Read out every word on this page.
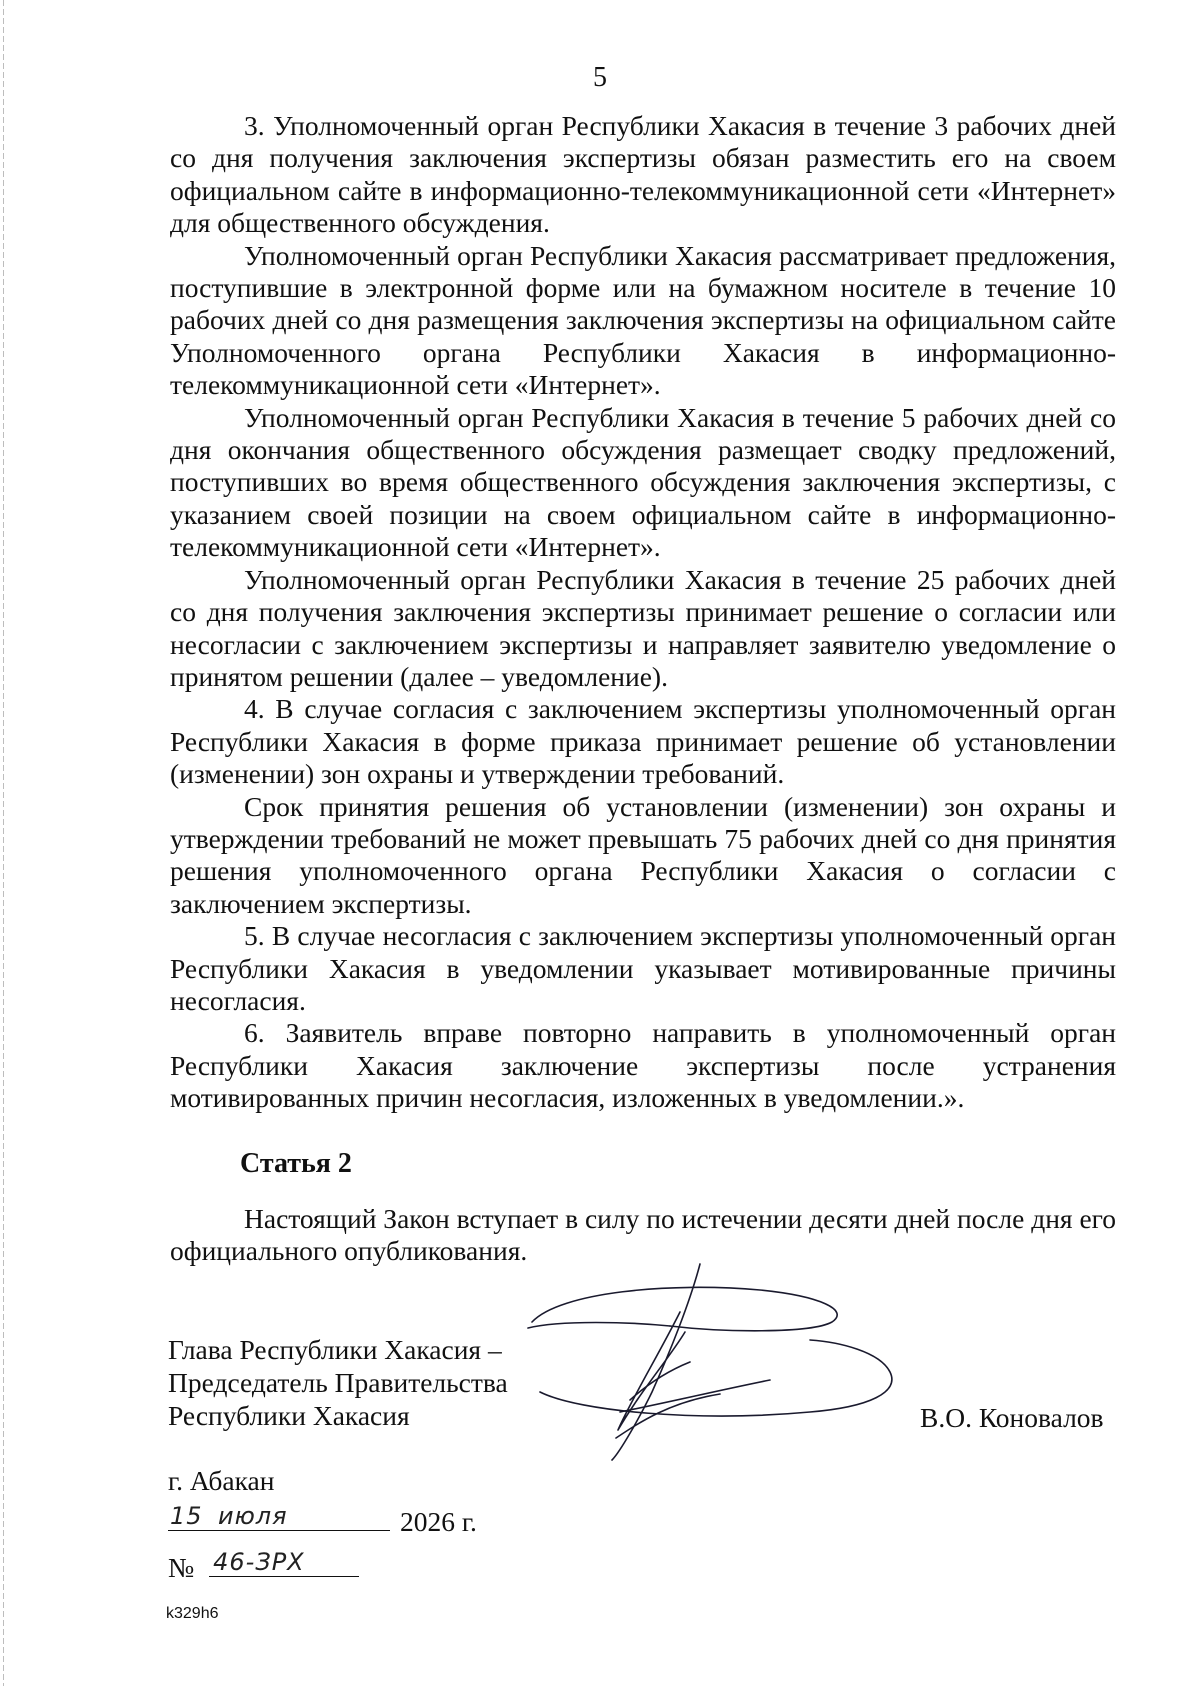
5

3. Уполномоченный орган Республики Хакасия в течение 3 рабочих дней со дня получения заключения экспертизы обязан разместить его на своем официальном сайте в информационно-телекоммуникационной сети «Интернет» для общественного обсуждения.

Уполномоченный орган Республики Хакасия рассматривает предложения, поступившие в электронной форме или на бумажном носителе в течение 10 рабочих дней со дня размещения заключения экспертизы на официальном сайте Уполномоченного органа Республики Хакасия в информационно-телекоммуникационной сети «Интернет».

Уполномоченный орган Республики Хакасия в течение 5 рабочих дней со дня окончания общественного обсуждения размещает сводку предложений, поступивших во время общественного обсуждения заключения экспертизы, с указанием своей позиции на своем официальном сайте в информационно-телекоммуникационной сети «Интернет».

Уполномоченный орган Республики Хакасия в течение 25 рабочих дней со дня получения заключения экспертизы принимает решение о согласии или несогласии с заключением экспертизы и направляет заявителю уведомление о принятом решении (далее – уведомление).

4. В случае согласия с заключением экспертизы уполномоченный орган Республики Хакасия в форме приказа принимает решение об установлении (изменении) зон охраны и утверждении требований.

Срок принятия решения об установлении (изменении) зон охраны и утверждении требований не может превышать 75 рабочих дней со дня принятия решения уполномоченного органа Республики Хакасия о согласии с заключением экспертизы.

5. В случае несогласия с заключением экспертизы уполномоченный орган Республики Хакасия в уведомлении указывает мотивированные причины несогласия.

6. Заявитель вправе повторно направить в уполномоченный орган Республики Хакасия заключение экспертизы после устранения мотивированных причин несогласия, изложенных в уведомлении.».

Статья 2

Настоящий Закон вступает в силу по истечении десяти дней после дня его официального опубликования.

Глава Республики Хакасия –
Председатель Правительства
Республики Хакасия	В.О. Коновалов
г. Абакан
15 июля	2026 г.
№ 46-ЗРХ
k329h6
